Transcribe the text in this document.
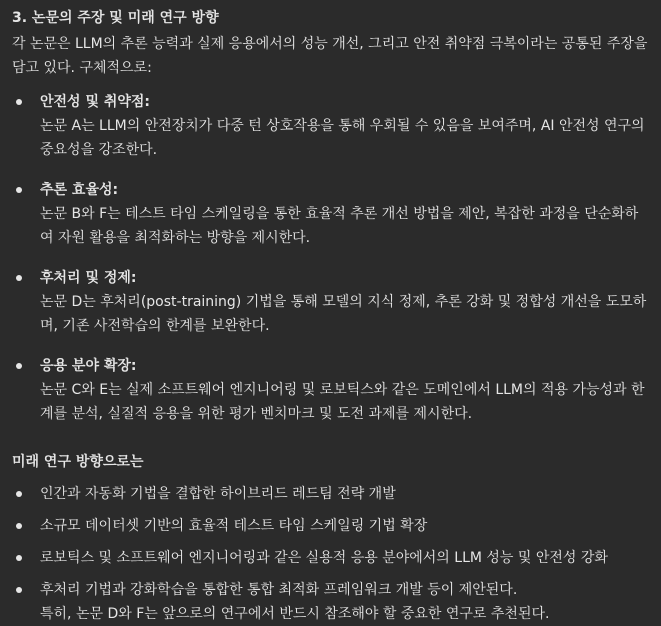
3. 논문의 주장 및 미래 연구 방향
각 논문은 LLM의 추론 능력과 실제 응용에서의 성능 개선, 그리고 안전 취약점 극복이라는 공통된 주장을 담고 있다. 구체적으로:
안전성 및 취약점:
논문 A는 LLM의 안전장치가 다중 턴 상호작용을 통해 우회될 수 있음을 보여주며, AI 안전성 연구의 중요성을 강조한다.
추론 효율성:
논문 B와 F는 테스트 타임 스케일링을 통한 효율적 추론 개선 방법을 제안, 복잡한 과정을 단순화하여 자원 활용을 최적화하는 방향을 제시한다.
후처리 및 정제:
논문 D는 후처리(post-training) 기법을 통해 모델의 지식 정제, 추론 강화 및 정합성 개선을 도모하며, 기존 사전학습의 한계를 보완한다.
응용 분야 확장:
논문 C와 E는 실제 소프트웨어 엔지니어링 및 로보틱스와 같은 도메인에서 LLM의 적용 가능성과 한계를 분석, 실질적 응용을 위한 평가 벤치마크 및 도전 과제를 제시한다.
미래 연구 방향으로는
인간과 자동화 기법을 결합한 하이브리드 레드팀 전략 개발
소규모 데이터셋 기반의 효율적 테스트 타임 스케일링 기법 확장
로보틱스 및 소프트웨어 엔지니어링과 같은 실용적 응용 분야에서의 LLM 성능 및 안전성 강화
후처리 기법과 강화학습을 통합한 통합 최적화 프레임워크 개발 등이 제안된다.
특히, 논문 D와 F는 앞으로의 연구에서 반드시 참조해야 할 중요한 연구로 추천된다.
